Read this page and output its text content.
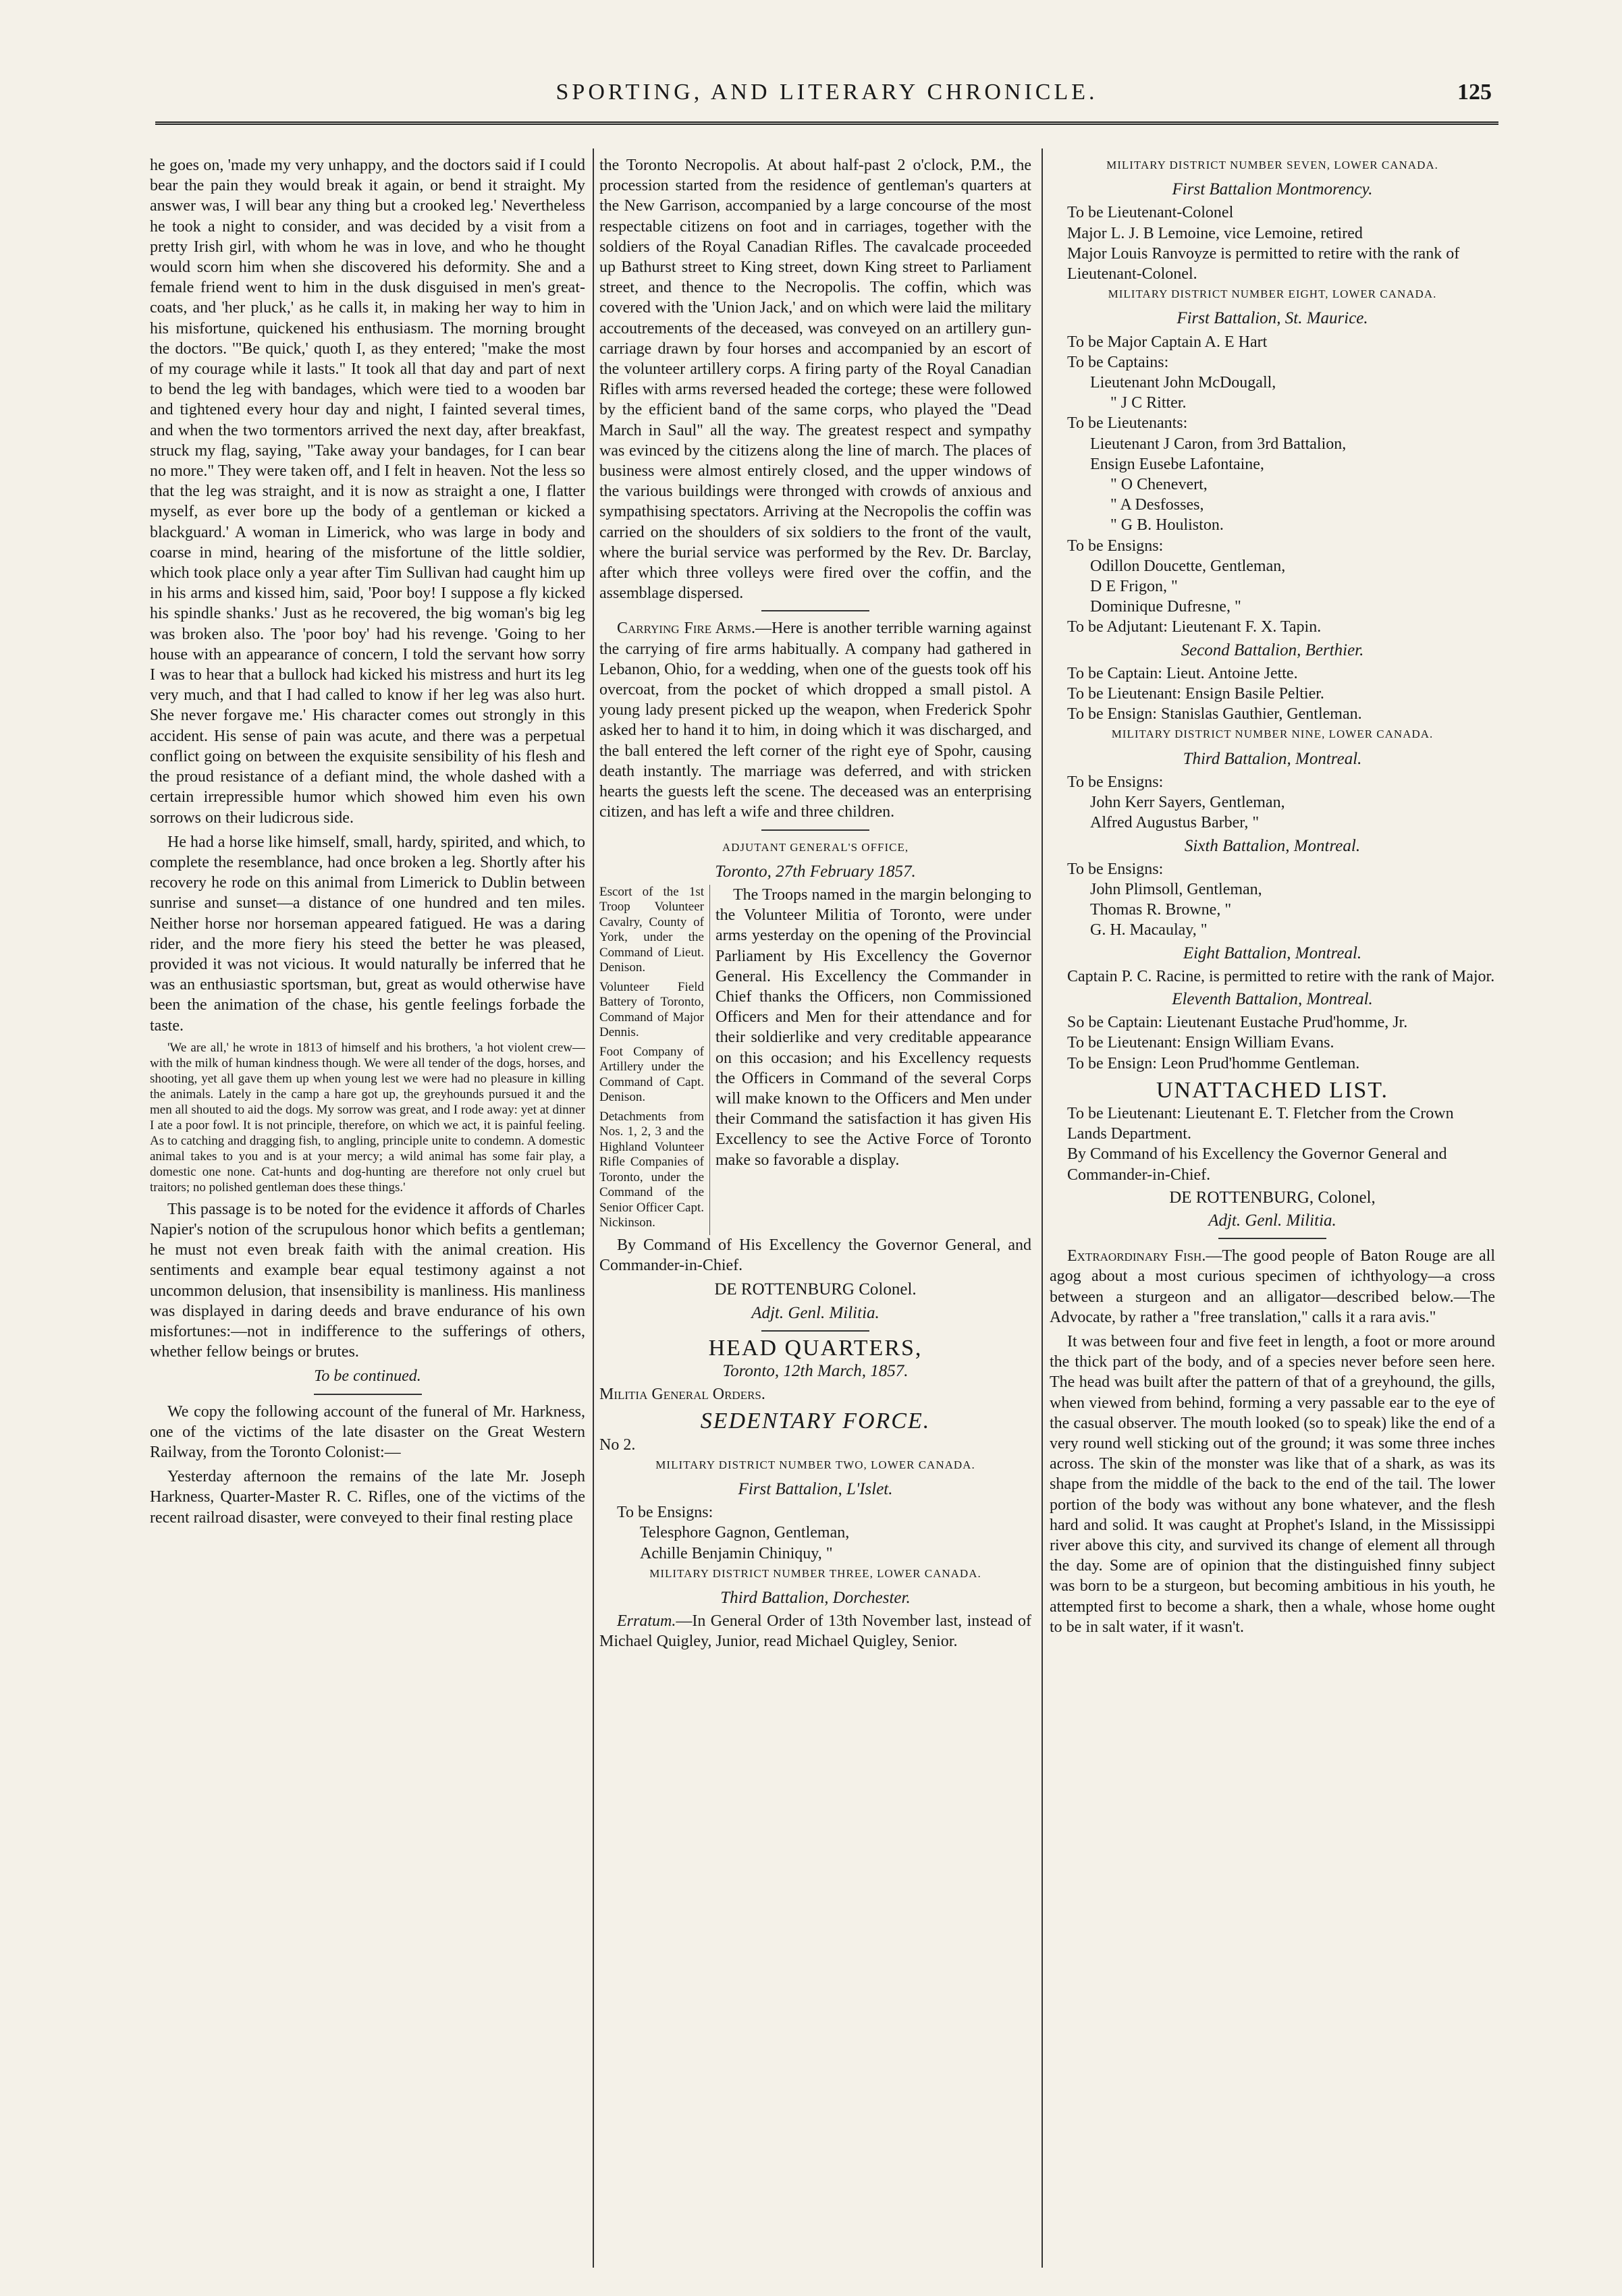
SPORTING, AND LITERARY CHRONICLE.	125

he goes on, 'made my very unhappy, and the doctors said if I could bear the pain they would break it again, or bend it straight. My answer was, I will bear any thing but a crooked leg.' Nevertheless he took a night to consider, and was decided by a visit from a pretty Irish girl, with whom he was in love, and who he thought would scorn him when she discovered his deformity. She and a female friend went to him in the dusk disguised in men's great-coats, and 'her pluck,' as he calls it, in making her way to him in his misfortune, quickened his enthusiasm. The morning brought the doctors. '"Be quick,' quoth I, as they entered; "make the most of my courage while it lasts." It took all that day and part of next to bend the leg with bandages, which were tied to a wooden bar and tightened every hour day and night, I fainted several times, and when the two tormentors arrived the next day, after breakfast, struck my flag, saying, "Take away your bandages, for I can bear no more." They were taken off, and I felt in heaven. Not the less so that the leg was straight, and it is now as straight a one, I flatter myself, as ever bore up the body of a gentleman or kicked a blackguard.' A woman in Limerick, who was large in body and coarse in mind, hearing of the misfortune of the little soldier, which took place only a year after Tim Sullivan had caught him up in his arms and kissed him, said, 'Poor boy! I suppose a fly kicked his spindle shanks.' Just as he recovered, the big woman's big leg was broken also. The 'poor boy' had his revenge. 'Going to her house with an appearance of concern, I told the servant how sorry I was to hear that a bullock had kicked his mistress and hurt its leg very much, and that I had called to know if her leg was also hurt. She never forgave me.' His character comes out strongly in this accident. His sense of pain was acute, and there was a perpetual conflict going on between the exquisite sensibility of his flesh and the proud resistance of a defiant mind, the whole dashed with a certain irrepressible humor which showed him even his own sorrows on their ludicrous side.

He had a horse like himself, small, hardy, spirited, and which, to complete the resemblance, had once broken a leg. Shortly after his recovery he rode on this animal from Limerick to Dublin between sunrise and sunset—a distance of one hundred and ten miles. Neither horse nor horseman appeared fatigued. He was a daring rider, and the more fiery his steed the better he was pleased, provided it was not vicious. It would naturally be inferred that he was an enthusiastic sportsman, but, great as would otherwise have been the animation of the chase, his gentle feelings forbade the taste.

'We are all,' he wrote in 1813 of himself and his brothers, 'a hot violent crew—with the milk of human kindness though. We were all tender of the dogs, horses, and shooting, yet all gave them up when young lest we were had no pleasure in killing the animals. Lately in the camp a hare got up, the greyhounds pursued it and the men all shouted to aid the dogs. My sorrow was great, and I rode away: yet at dinner I ate a poor fowl. It is not principle, therefore, on which we act, it is painful feeling. As to catching and dragging fish, to angling, principle unite to condemn. A domestic animal takes to you and is at your mercy; a wild animal has some fair play, a domestic one none. Cat-hunts and dog-hunting are therefore not only cruel but traitors; no polished gentleman does these things.'

This passage is to be noted for the evidence it affords of Charles Napier's notion of the scrupulous honor which befits a gentleman; he must not even break faith with the animal creation. His sentiments and example bear equal testimony against a not uncommon delusion, that insensibility is manliness. His manliness was displayed in daring deeds and brave endurance of his own misfortunes:—not in indifference to the sufferings of others, whether fellow beings or brutes.

To be continued.

We copy the following account of the funeral of Mr. Harkness, one of the victims of the late disaster on the Great Western Railway, from the Toronto Colonist:—

Yesterday afternoon the remains of the late Mr. Joseph Harkness, Quarter-Master R. C. Rifles, one of the victims of the recent railroad disaster, were conveyed to their final resting place

the Toronto Necropolis. At about half-past 2 o'clock, P.M., the procession started from the residence of gentleman's quarters at the New Garrison, accompanied by a large concourse of the most respectable citizens on foot and in carriages, together with the soldiers of the Royal Canadian Rifles. The cavalcade proceeded up Bathurst street to King street, down King street to Parliament street, and thence to the Necropolis. The coffin, which was covered with the 'Union Jack,' and on which were laid the military accoutrements of the deceased, was conveyed on an artillery gun-carriage drawn by four horses and accompanied by an escort of the volunteer artillery corps. A firing party of the Royal Canadian Rifles with arms reversed headed the cortege; these were followed by the efficient band of the same corps, who played the "Dead March in Saul" all the way. The greatest respect and sympathy was evinced by the citizens along the line of march. The places of business were almost entirely closed, and the upper windows of the various buildings were thronged with crowds of anxious and sympathising spectators. Arriving at the Necropolis the coffin was carried on the shoulders of six soldiers to the front of the vault, where the burial service was performed by the Rev. Dr. Barclay, after which three volleys were fired over the coffin, and the assemblage dispersed.

Carrying Fire Arms.—Here is another terrible warning against the carrying of fire arms habitually. A company had gathered in Lebanon, Ohio, for a wedding, when one of the guests took off his overcoat, from the pocket of which dropped a small pistol. A young lady present picked up the weapon, when Frederick Spohr asked her to hand it to him, in doing which it was discharged, and the ball entered the left corner of the right eye of Spohr, causing death instantly. The marriage was deferred, and with stricken hearts the guests left the scene. The deceased was an enterprising citizen, and has left a wife and three children.

ADJUTANT GENERAL'S OFFICE,

Toronto, 27th February 1857.

Escort of the 1st Troop Volunteer Cavalry, County of York, under the Command of Lieut. Denison.

Volunteer Field Battery of Toronto, Command of Major Dennis.

Foot Company of Artillery under the Command of Capt. Denison.

Detachments from Nos. 1, 2, 3 and the Highland Volunteer Rifle Companies of Toronto, under the Command of the Senior Officer Capt. Nickinson.

The Troops named in the margin belonging to the Volunteer Militia of Toronto, were under arms yesterday on the opening of the Provincial Parliament by His Excellency the Governor General. His Excellency the Commander in Chief thanks the Officers, non Commissioned Officers and Men for their attendance and for their soldierlike and very creditable appearance on this occasion; and his Excellency requests the Officers in Command of the several Corps will make known to the Officers and Men under their Command the satisfaction it has given His Excellency to see the Active Force of Toronto make so favorable a display.

By Command of His Excellency the Governor General, and Commander-in-Chief.

DE ROTTENBURG Colonel.

Adjt. Genl. Militia.

HEAD QUARTERS,

Toronto, 12th March, 1857.

Militia General Orders.

SEDENTARY FORCE.

No 2.

MILITARY DISTRICT NUMBER TWO, LOWER CANADA.

First Battalion, L'Islet.

To be Ensigns:

Telesphore Gagnon, Gentleman,

Achille Benjamin Chiniquy, "

MILITARY DISTRICT NUMBER THREE, LOWER CANADA.

Third Battalion, Dorchester.

Erratum.—In General Order of 13th November last, instead of Michael Quigley, Junior, read Michael Quigley, Senior.

MILITARY DISTRICT NUMBER SEVEN, LOWER CANADA.

First Battalion Montmorency.

To be Lieutenant-Colonel

Major L. J. B Lemoine, vice Lemoine, retired

Major Louis Ranvoyze is permitted to retire with the rank of Lieutenant-Colonel.

MILITARY DISTRICT NUMBER EIGHT, LOWER CANADA.

First Battalion, St. Maurice.

To be Major Captain A. E Hart

To be Captains:

Lieutenant John McDougall,

" J C Ritter.

To be Lieutenants:

Lieutenant J Caron, from 3rd Battalion,

Ensign Eusebe Lafontaine,

" O Chenevert,

" A Desfosses,

" G B. Houliston.

To be Ensigns:

Odillon Doucette, Gentleman,

D E Frigon, "

Dominique Dufresne, "

To be Adjutant: Lieutenant F. X. Tapin.

Second Battalion, Berthier.

To be Captain: Lieut. Antoine Jette.

To be Lieutenant: Ensign Basile Peltier.

To be Ensign: Stanislas Gauthier, Gentleman.

MILITARY DISTRICT NUMBER NINE, LOWER CANADA.

Third Battalion, Montreal.

To be Ensigns:

John Kerr Sayers, Gentleman,

Alfred Augustus Barber, "

Sixth Battalion, Montreal.

To be Ensigns:

John Plimsoll, Gentleman,

Thomas R. Browne, "

G. H. Macaulay, "

Eight Battalion, Montreal.

Captain P. C. Racine, is permitted to retire with the rank of Major.

Eleventh Battalion, Montreal.

So be Captain: Lieutenant Eustache Prud'homme, Jr.

To be Lieutenant: Ensign William Evans.

To be Ensign: Leon Prud'homme Gentleman.

UNATTACHED LIST.

To be Lieutenant: Lieutenant E. T. Fletcher from the Crown Lands Department.

By Command of his Excellency the Governor General and Commander-in-Chief.

DE ROTTENBURG, Colonel,

Adjt. Genl. Militia.

Extraordinary Fish.—The good people of Baton Rouge are all agog about a most curious specimen of ichthyology—a cross between a sturgeon and an alligator—described below.—The Advocate, by rather a "free translation," calls it a rara avis."

It was between four and five feet in length, a foot or more around the thick part of the body, and of a species never before seen here. The head was built after the pattern of that of a greyhound, the gills, when viewed from behind, forming a very passable ear to the eye of the casual observer. The mouth looked (so to speak) like the end of a very round well sticking out of the ground; it was some three inches across. The skin of the monster was like that of a shark, as was its shape from the middle of the back to the end of the tail. The lower portion of the body was without any bone whatever, and the flesh hard and solid. It was caught at Prophet's Island, in the Mississippi river above this city, and survived its change of element all through the day. Some are of opinion that the distinguished finny subject was born to be a sturgeon, but becoming ambitious in his youth, he attempted first to become a shark, then a whale, whose home ought to be in salt water, if it wasn't.
